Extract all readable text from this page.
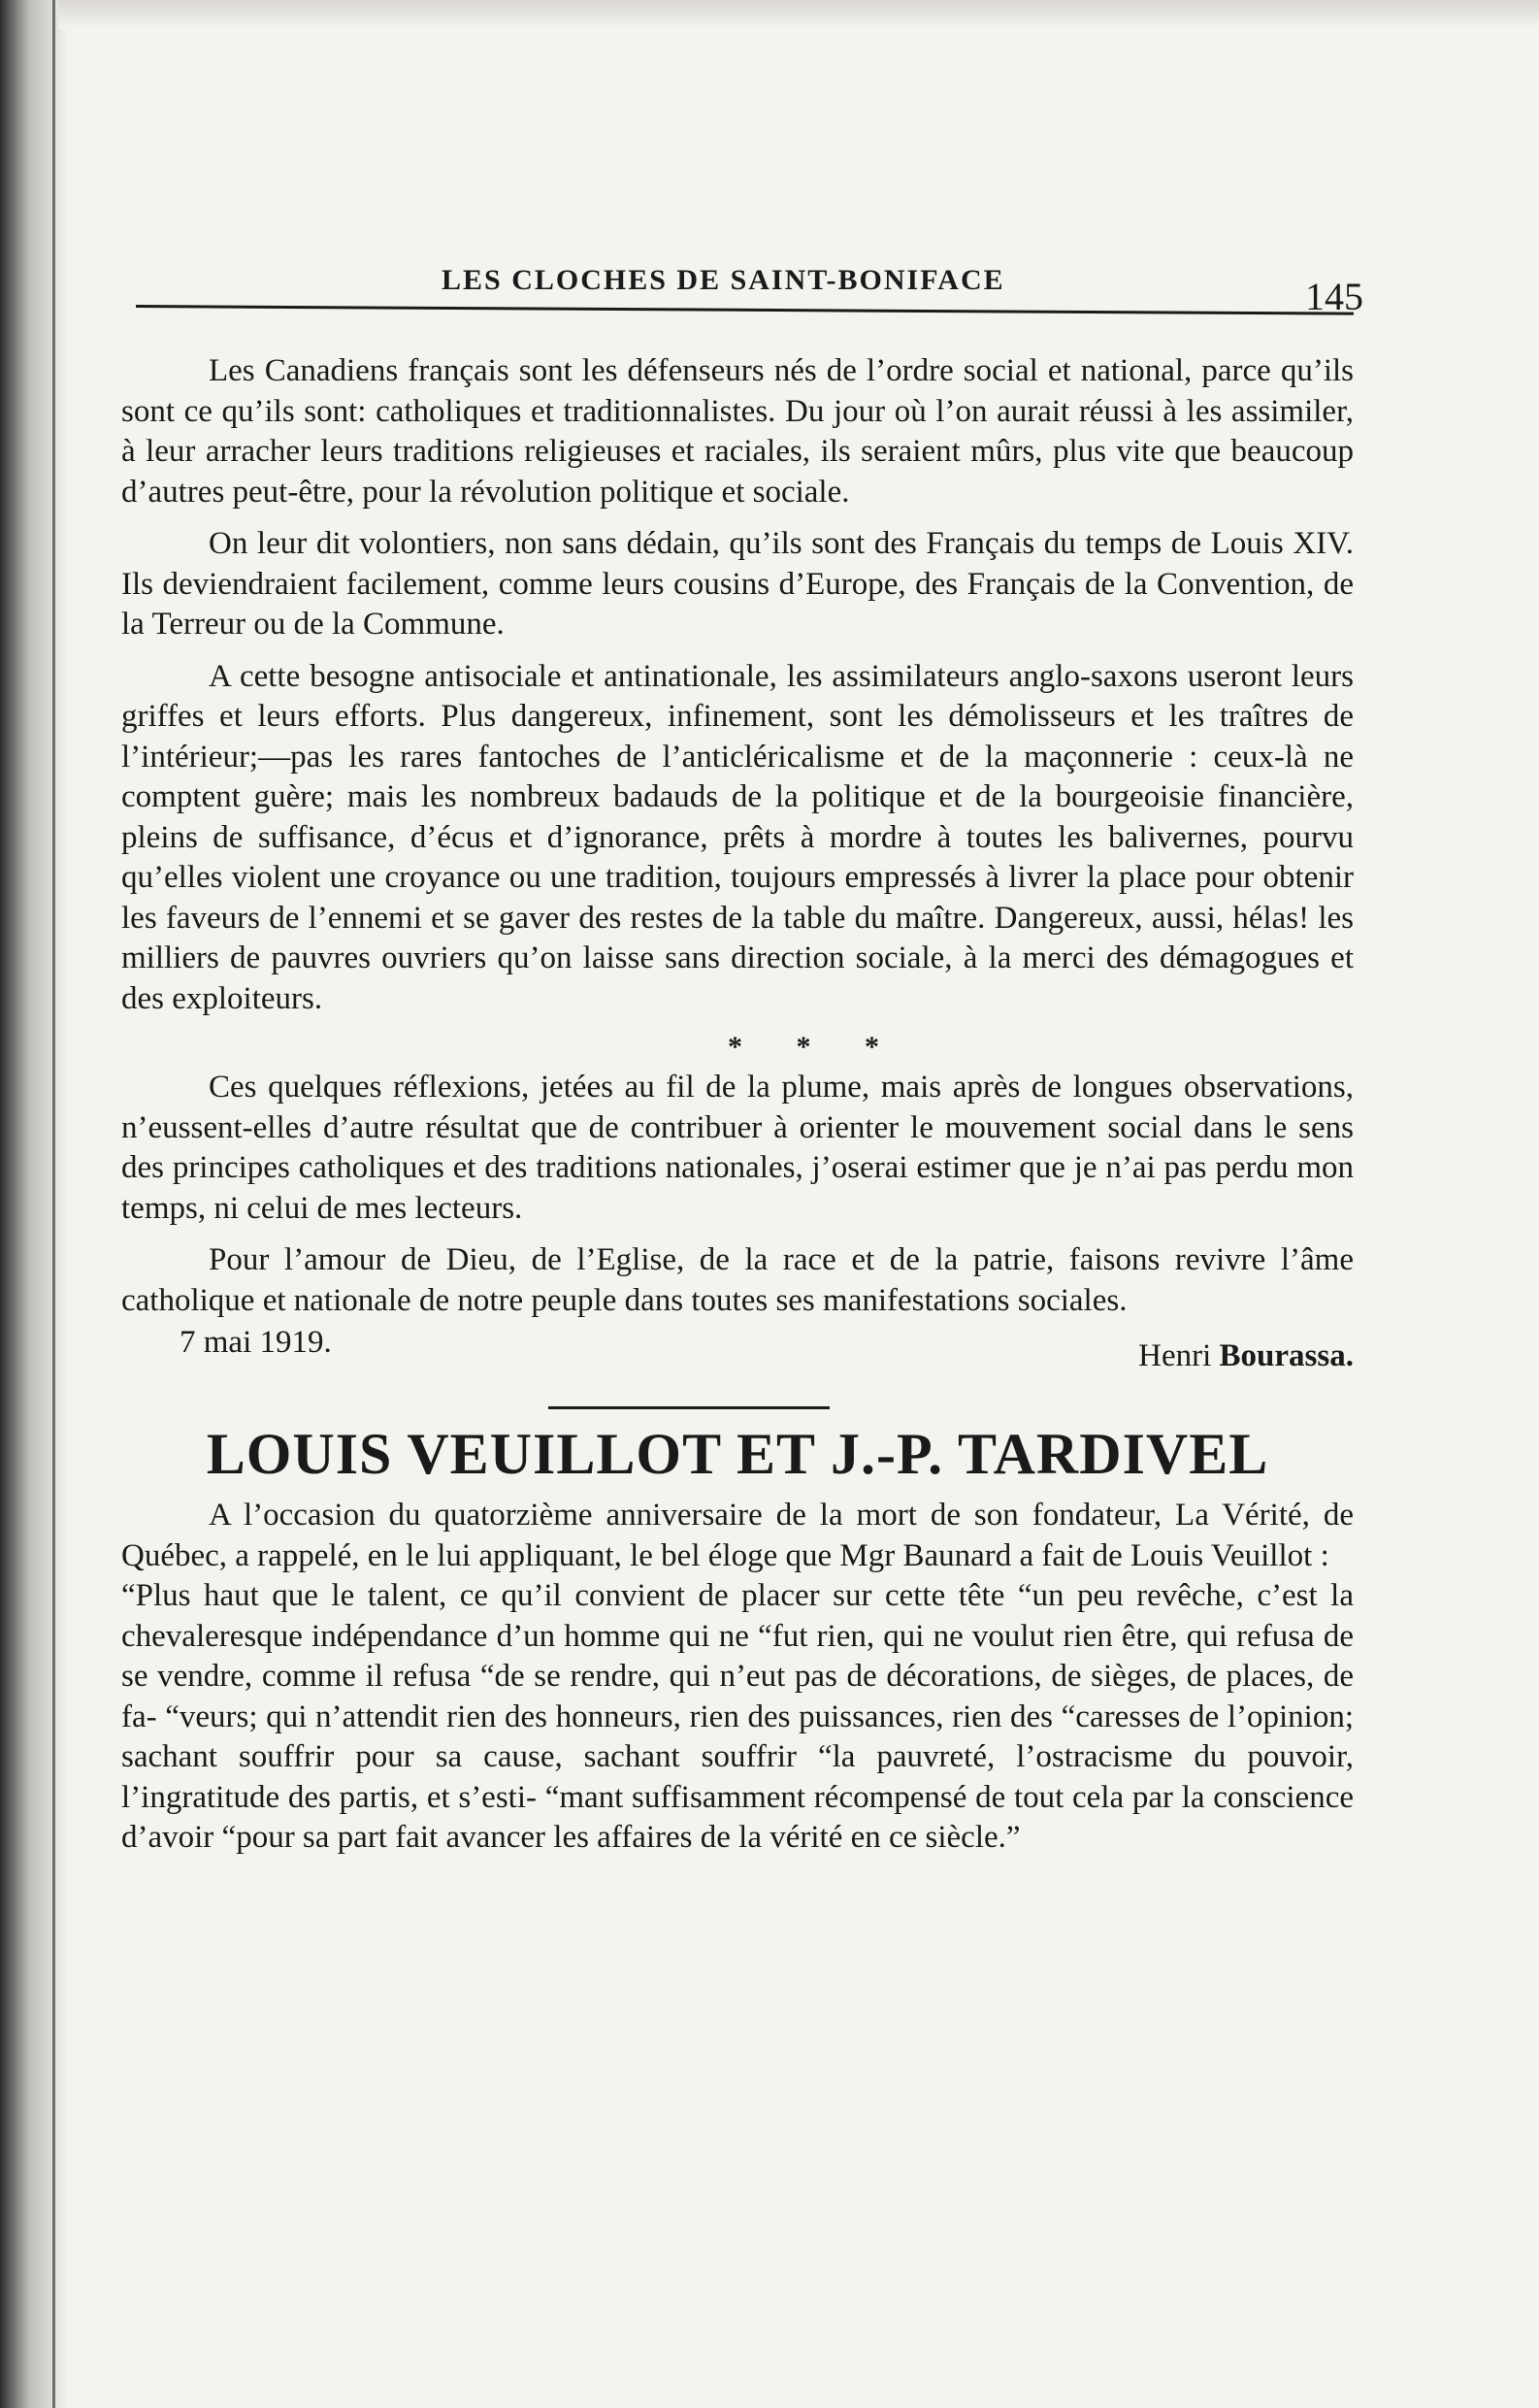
LES CLOCHES DE SAINT-BONIFACE	145

Les Canadiens français sont les défenseurs nés de l’ordre social et national, parce qu’ils sont ce qu’ils sont: catholiques et traditionnalistes. Du jour où l’on aurait réussi à les assimiler, à leur arracher leurs traditions religieuses et raciales, ils seraient mûrs, plus vite que beaucoup d’autres peut-être, pour la révolution politique et sociale.

On leur dit volontiers, non sans dédain, qu’ils sont des Français du temps de Louis XIV. Ils deviendraient facilement, comme leurs cousins d’Europe, des Français de la Convention, de la Terreur ou de la Commune.

A cette besogne antisociale et antinationale, les assimilateurs anglo-saxons useront leurs griffes et leurs efforts. Plus dangereux, infinement, sont les démolisseurs et les traîtres de l’intérieur;—pas les rares fantoches de l’anticléricalisme et de la maçonnerie : ceux-là ne comptent guère; mais les nombreux badauds de la politique et de la bourgeoisie financière, pleins de suffisance, d’écus et d’ignorance, prêts à mordre à toutes les balivernes, pourvu qu’elles violent une croyance ou une tradition, toujours empressés à livrer la place pour obtenir les faveurs de l’ennemi et se gaver des restes de la table du maître. Dangereux, aussi, hélas! les milliers de pauvres ouvriers qu’on laisse sans direction sociale, à la merci des démagogues et des exploiteurs.

* * *

Ces quelques réflexions, jetées au fil de la plume, mais après de longues observations, n’eussent-elles d’autre résultat que de contribuer à orienter le mouvement social dans le sens des principes catholiques et des traditions nationales, j’oserai estimer que je n’ai pas perdu mon temps, ni celui de mes lecteurs.

Pour l’amour de Dieu, de l’Eglise, de la race et de la patrie, faisons revivre l’âme catholique et nationale de notre peuple dans toutes ses manifestations sociales.

7 mai 1919.	Henri Bourassa.
LOUIS VEUILLOT ET J.-P. TARDIVEL

A l’occasion du quatorzième anniversaire de la mort de son fondateur, La Vérité, de Québec, a rappelé, en le lui appliquant, le bel éloge que Mgr Baunard a fait de Louis Veuillot :

“Plus haut que le talent, ce qu’il convient de placer sur cette tête “un peu revêche, c’est la chevaleresque indépendance d’un homme qui ne “fut rien, qui ne voulut rien être, qui refusa de se vendre, comme il refusa “de se rendre, qui n’eut pas de décorations, de sièges, de places, de fa- “veurs; qui n’attendit rien des honneurs, rien des puissances, rien des “caresses de l’opinion; sachant souffrir pour sa cause, sachant souffrir “la pauvreté, l’ostracisme du pouvoir, l’ingratitude des partis, et s’esti- “mant suffisamment récompensé de tout cela par la conscience d’avoir “pour sa part fait avancer les affaires de la vérité en ce siècle.”
